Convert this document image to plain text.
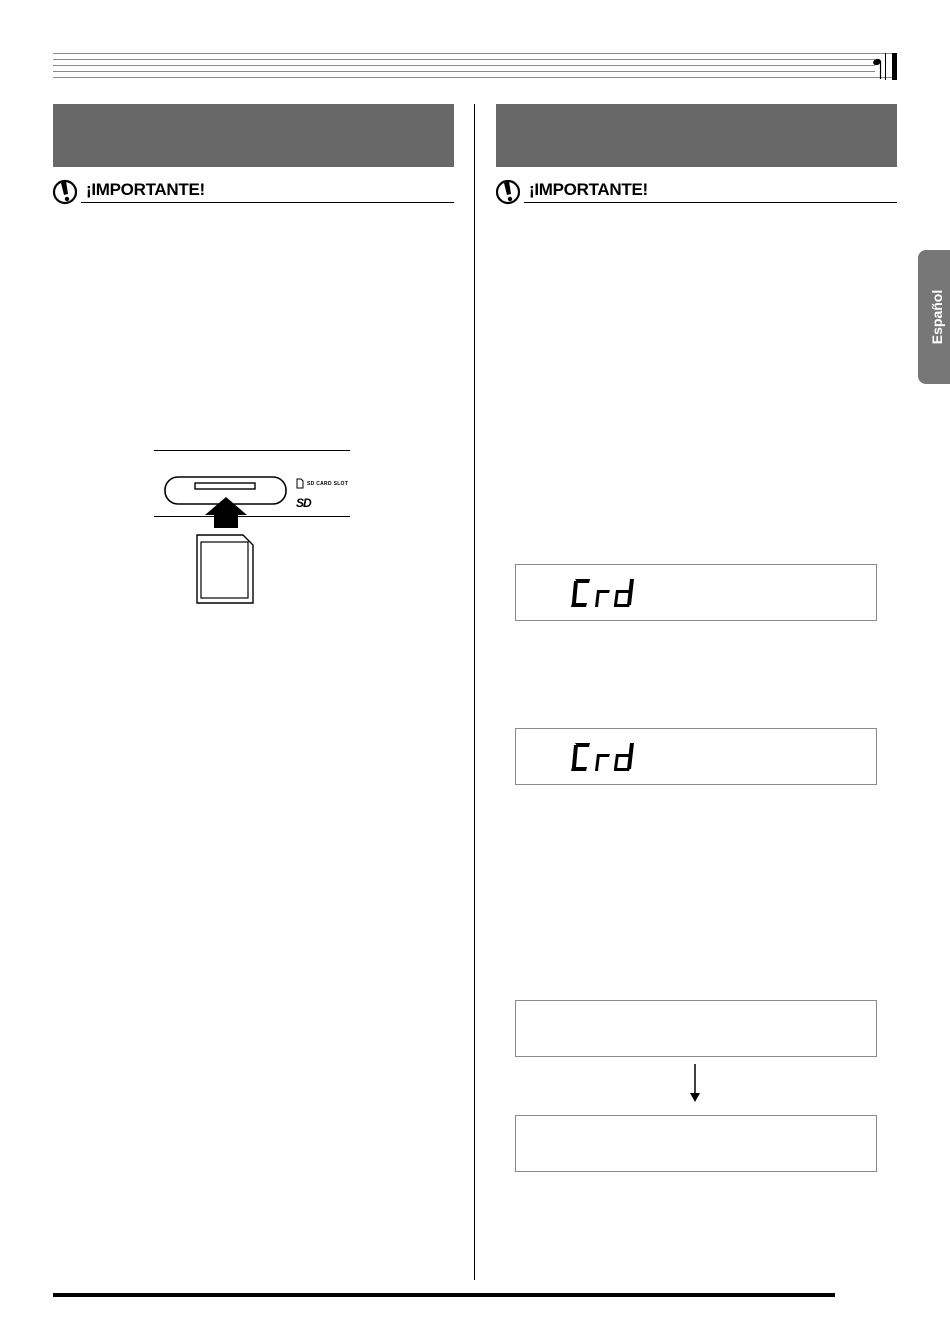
¡IMPORTANTE!
SD CARD SLOT
SD
¡IMPORTANTE!
Español
